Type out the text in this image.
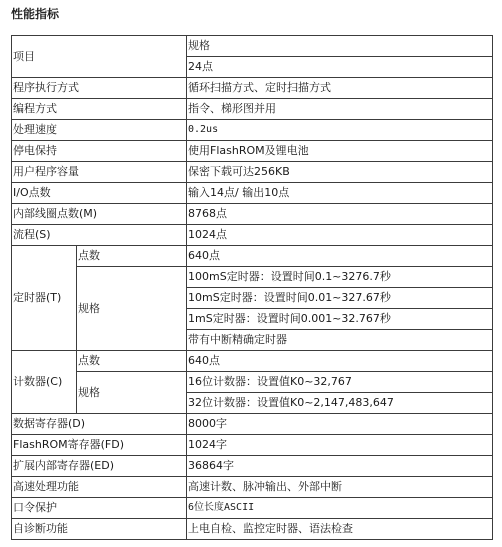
性能指标
项目		规格
		24点
程序执行方式		循环扫描方式、定时扫描方式
编程方式		指令、梯形图并用
处理速度		0.2us
停电保持		使用FlashROM及锂电池
用户程序容量		保密下载可达256KB
I/O点数		输入14点/ 输出10点
内部线圈点数(M)		8768点
流程(S)		1024点
定时器(T)	点数	640点
	规格	100mS定时器：设置时间0.1~3276.7秒
		10mS定时器：设置时间0.01~327.67秒
		1mS定时器：设置时间0.001~32.767秒
		带有中断精确定时器
计数器(C)	点数	640点
	规格	16位计数器：设置值K0~32,767
		32位计数器：设置值K0~2,147,483,647
数据寄存器(D)		8000字
FlashROM寄存器(FD)		1024字
扩展内部寄存器(ED)		36864字
高速处理功能		高速计数、脉冲输出、外部中断
口令保护		6位长度ASCII
自诊断功能		上电自检、监控定时器、语法检查
